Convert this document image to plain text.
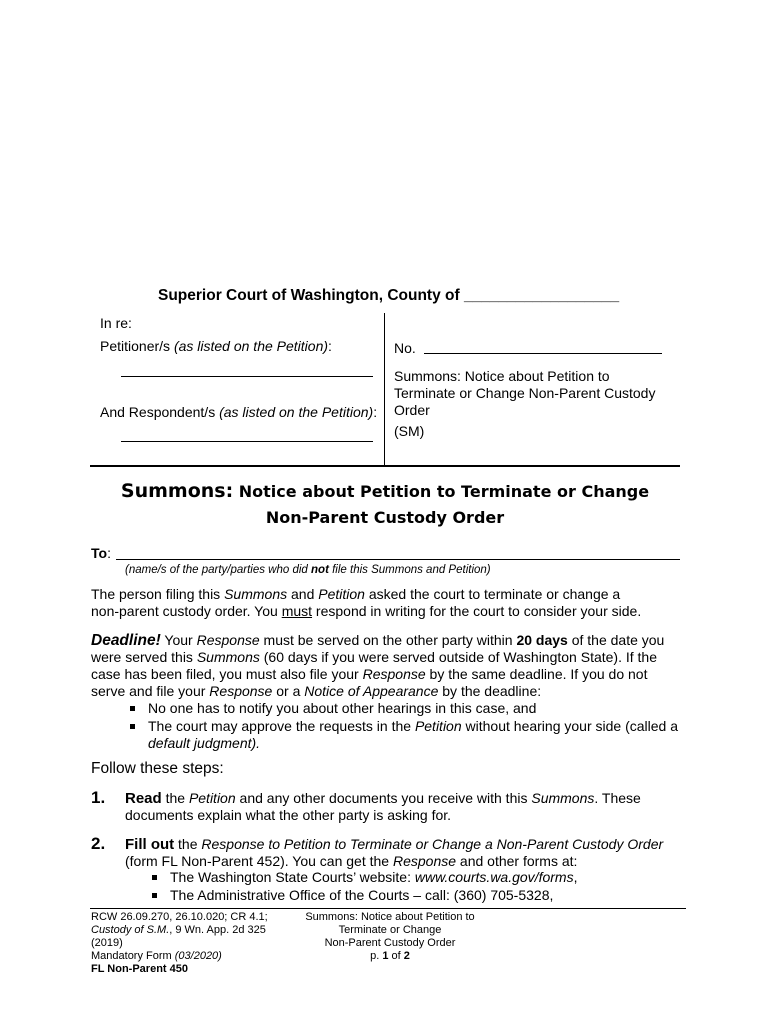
Superior Court of Washington, County of __________________
In re:
Petitioner/s (as listed on the Petition):
And Respondent/s (as listed on the Petition):
No.
Summons: Notice about Petition to
Terminate or Change Non-Parent Custody
Order
(SM)
Summons: Notice about Petition to Terminate or Change
Non-Parent Custody Order
To:
(name/s of the party/parties who did not file this Summons and Petition)
The person filing this Summons and Petition asked the court to terminate or change a
non-parent custody order. You must respond in writing for the court to consider your side.
Deadline! Your Response must be served on the other party within 20 days of the date you
were served this Summons (60 days if you were served outside of Washington State). If the
case has been filed, you must also file your Response by the same deadline. If you do not
serve and file your Response or a Notice of Appearance by the deadline:
No one has to notify you about other hearings in this case, and
The court may approve the requests in the Petition without hearing your side (called a
default judgment).
Follow these steps:
1. Read the Petition and any other documents you receive with this Summons. These
documents explain what the other party is asking for.
2. Fill out the Response to Petition to Terminate or Change a Non-Parent Custody Order
(form FL Non-Parent 452). You can get the Response and other forms at:
The Washington State Courts’ website: www.courts.wa.gov/forms,
The Administrative Office of the Courts – call: (360) 705-5328,
RCW 26.09.270, 26.10.020; CR 4.1;
Custody of S.M., 9 Wn. App. 2d 325
(2019)
Mandatory Form (03/2020)
FL Non-Parent 450
Summons: Notice about Petition to
Terminate or Change
Non-Parent Custody Order
p. 1 of 2
